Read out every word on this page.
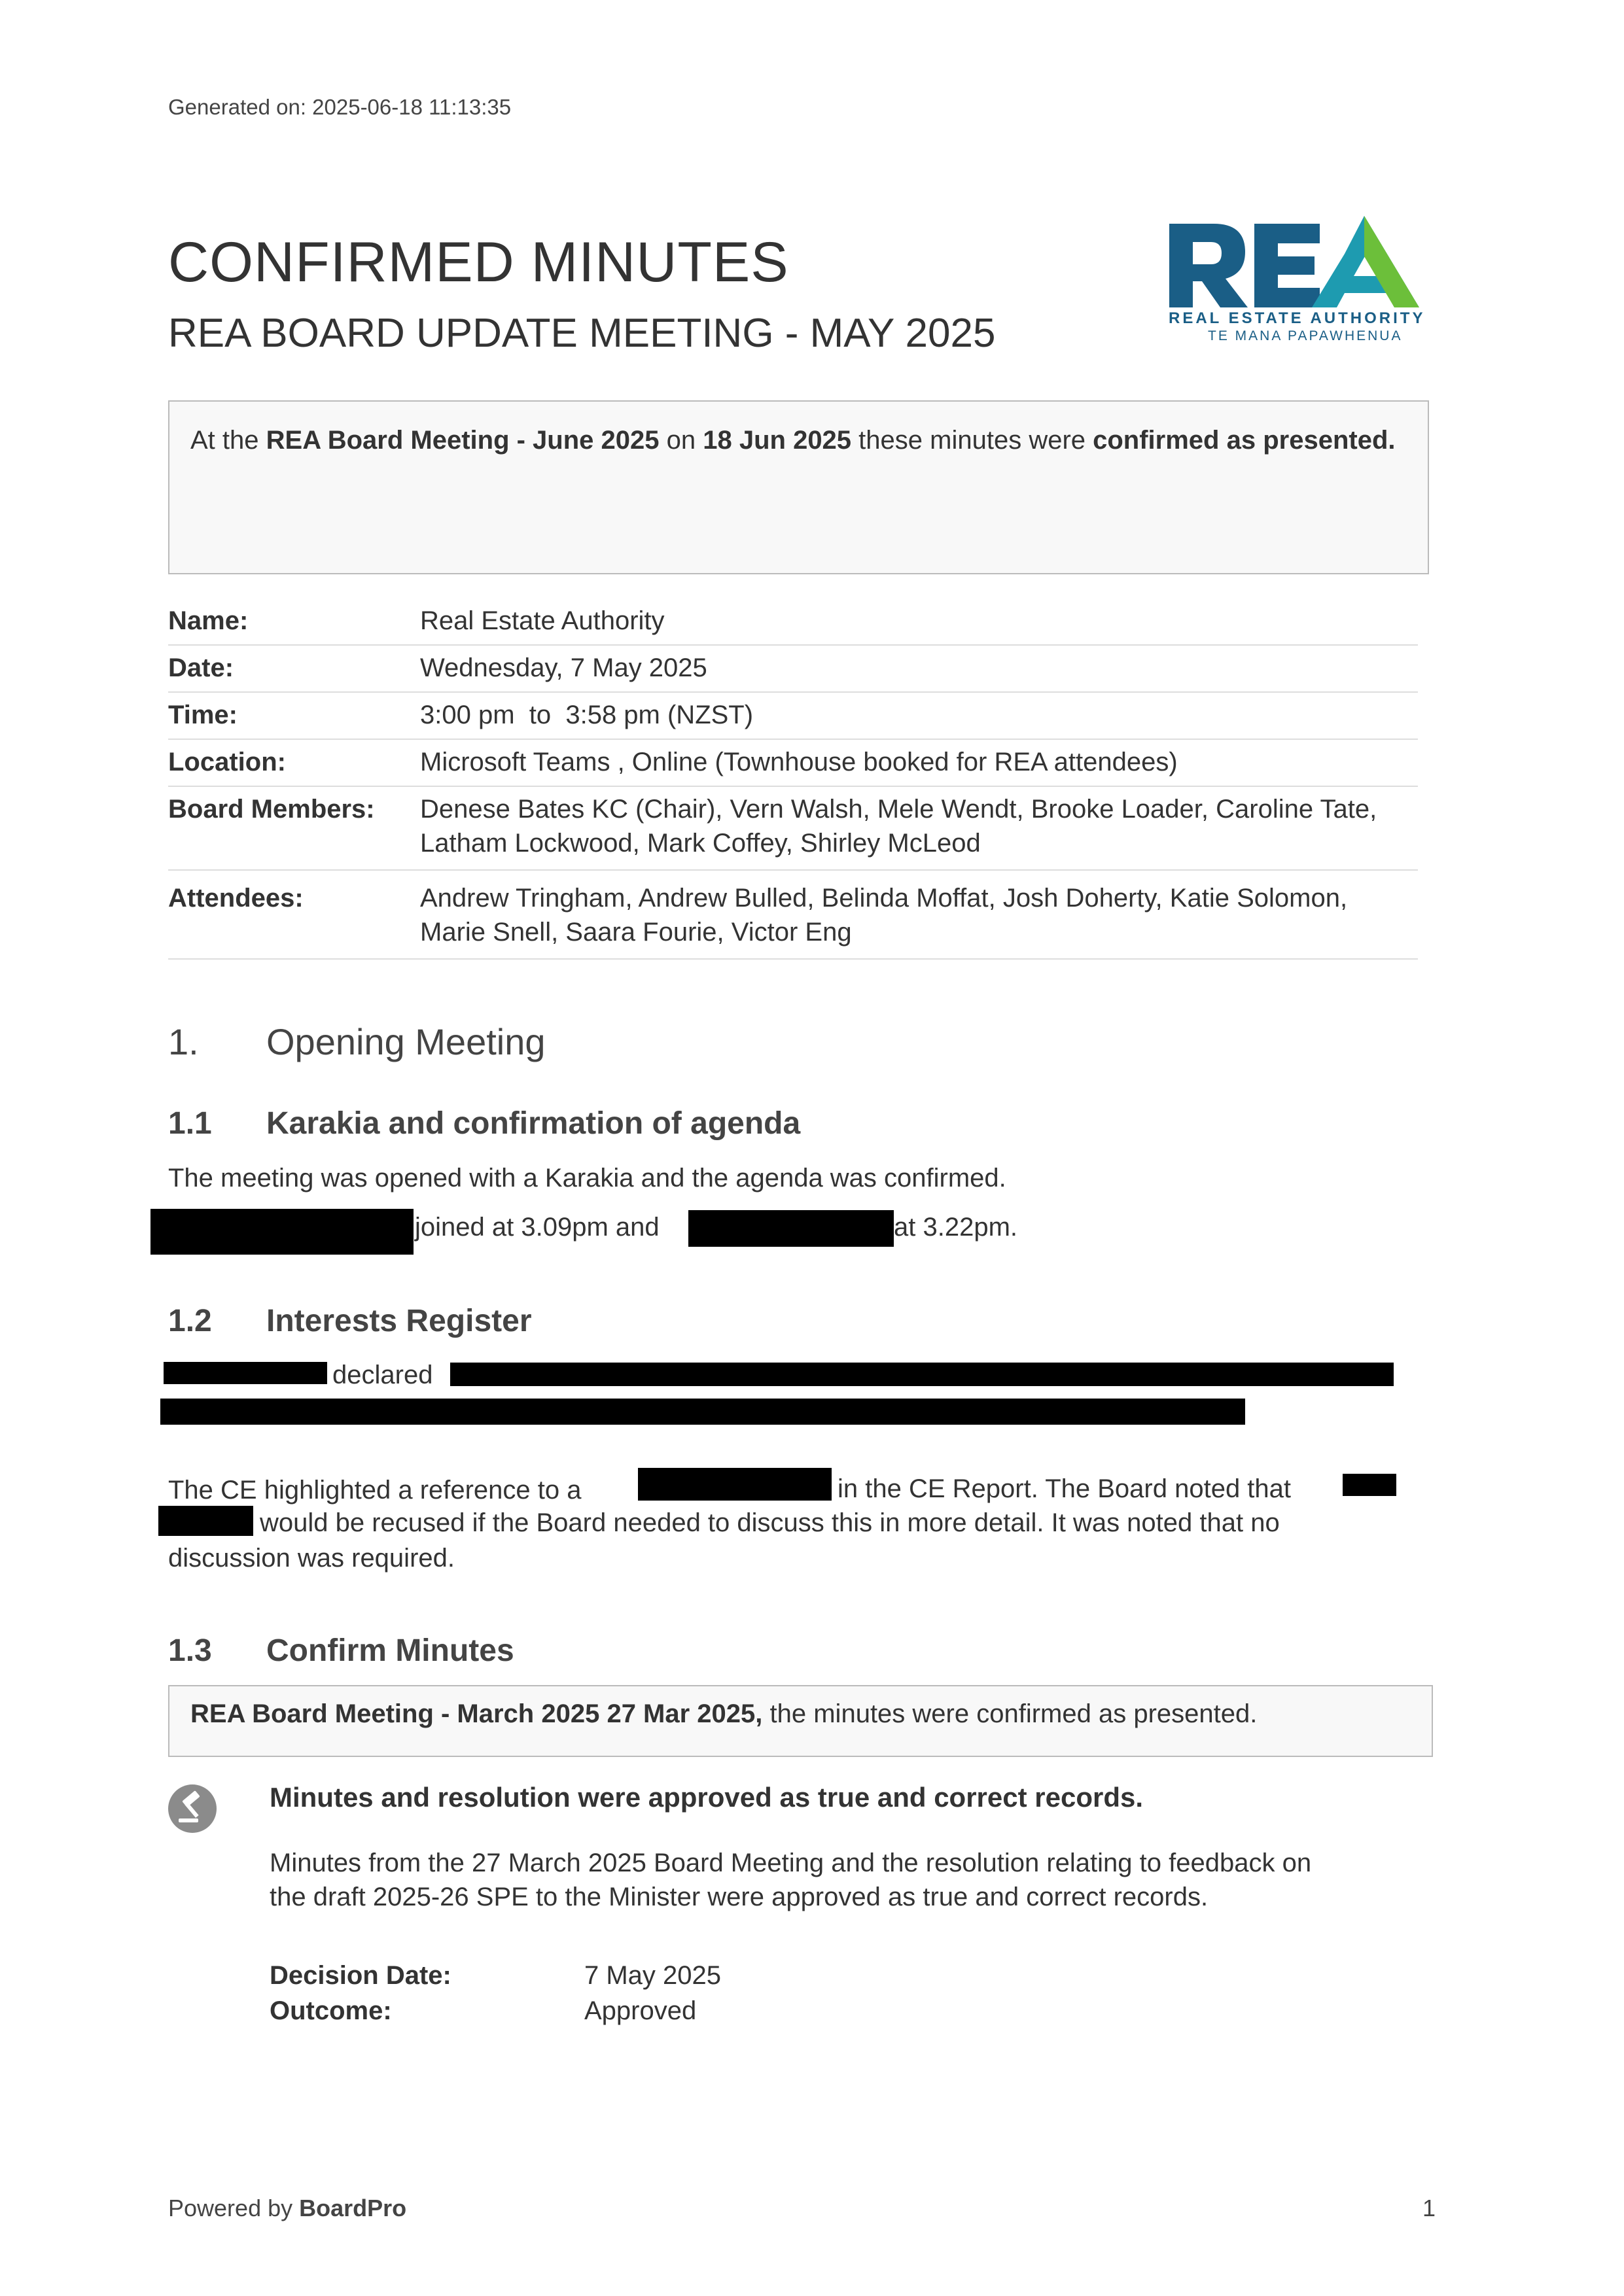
Generated on: 2025-06-18 11:13:35
CONFIRMED MINUTES
REA BOARD UPDATE MEETING - MAY 2025	REAL ESTATE AUTHORITY
TE MANA PAPAWHENUA
At the REA Board Meeting - June 2025 on 18 Jun 2025 these minutes were confirmed as presented.
Name:	Real Estate Authority
Date:	Wednesday, 7 May 2025
Time:	3:00 pm  to  3:58 pm (NZST)
Location:	Microsoft Teams , Online (Townhouse booked for REA attendees)
Board Members:	Denese Bates KC (Chair), Vern Walsh, Mele Wendt, Brooke Loader, Caroline Tate, Latham Lockwood, Mark Coffey, Shirley McLeod
Attendees:	Andrew Tringham, Andrew Bulled, Belinda Moffat, Josh Doherty, Katie Solomon, Marie Snell, Saara Fourie, Victor Eng
1. Opening Meeting
1.1 Karakia and confirmation of agenda
The meeting was opened with a Karakia and the agenda was confirmed.
joined at 3.09pm and	at 3.22pm.
1.2 Interests Register
declared
The CE highlighted a reference to a	in the CE Report. The Board noted that
would be recused if the Board needed to discuss this in more detail. It was noted that no
discussion was required.
1.3 Confirm Minutes
REA Board Meeting - March 2025 27 Mar 2025, the minutes were confirmed as presented.
Minutes and resolution were approved as true and correct records.
Minutes from the 27 March 2025 Board Meeting and the resolution relating to feedback on the draft 2025-26 SPE to the Minister were approved as true and correct records.
Decision Date:	7 May 2025
Outcome:	Approved
Powered by BoardPro	1
